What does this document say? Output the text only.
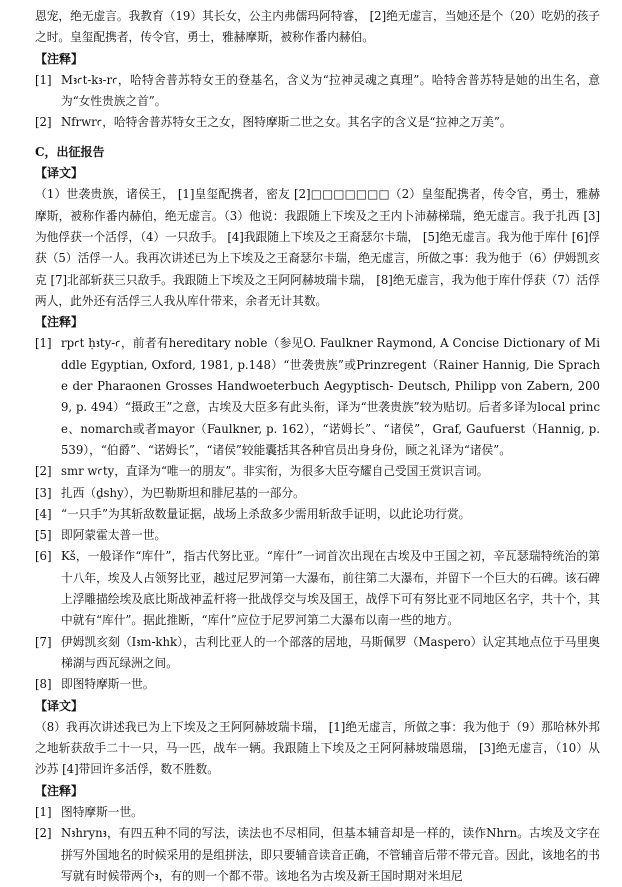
恩宠，绝无虚言。我教育（19）其长女，公主内弗儒玛阿特睿， [2]绝无虚言，当她还是个（20）吃奶的孩子之时。皇玺配携者，传令官，勇士，雅赫摩斯，被称作番内赫伯。

【注释】

[1] Mꜣꜥt-kꜣ-rꜥ，哈特舍普苏特女王的登基名，含义为“拉神灵魂之真理”。哈特舍普苏特是她的出生名，意为“女性贵族之首”。

[2] Nfrwrꜥ，哈特舍普苏特女王之女，图特摩斯二世之女。其名字的含义是“拉神之万美”。

C，出征报告

【译文】

（1）世袭贵族，诸侯王， [1]皇玺配携者，密友 [2]□□□□□□□（2）皇玺配携者，传令官，勇士，雅赫摩斯，被称作番内赫伯，绝无虚言。（3）他说：我跟随上下埃及之王内卜沛赫梯瑞，绝无虚言。我于扎西 [3]为他俘获一个活俘，（4）一只敌手。 [4]我跟随上下埃及之王裔瑟尔卡瑞， [5]绝无虚言。我为他于库什 [6]俘获（5）活俘一人。我再次讲述已为上下埃及之王裔瑟尔卡瑞，绝无虚言，所做之事：我为他于（6）伊姆凯亥克 [7]北部斩获三只敌手。我跟随上下埃及之王阿阿赫坡瑞卡瑞， [8]绝无虚言，我为他于库什俘获（7）活俘两人，此外还有活俘三人我从库什带来，余者无计其数。

【注释】

[1] rpꜥt ḥꜣty-ꜥ，前者有hereditary noble（参见O. Faulkner Raymond, A Concise Dictionary of Middle Egyptian, Oxford, 1981, p.148）“世袭贵族”或Prinzregent（Rainer Hannig, Die Sprache der Pharaonen Grosses Handwoeterbuch Aegyptisch- Deutsch, Philipp von Zabern, 2009, p. 494）“摄政王”之意，古埃及大臣多有此头衔，译为“世袭贵族”较为贴切。后者多译为local prince、nomarch或者mayor（Faulkner, p. 162），“诺姆长”、“诸侯”，Graf, Gaufuerst（Hannig, p. 539），“伯爵”、“诺姆长”，“诸侯”较能囊括其各种官员出身身份，顾之礼译为“诸侯”。

[2] smr wꜥty，直译为“唯一的朋友”。非实衔，为很多大臣夸耀自己受国王赏识言词。

[3] 扎西（ḏshy），为巴勒斯坦和腓尼基的一部分。

[4] “一只手”为其斩敌数量证据，战场上杀敌多少需用斩敌手证明，以此论功行赏。

[5] 即阿蒙霍太普一世。

[6] Kš，一般译作“库什”，指古代努比亚。“库什”一词首次出现在古埃及中王国之初，辛瓦瑟瑞特统治的第十八年，埃及人占领努比亚，越过尼罗河第一大瀑布，前往第二大瀑布，并留下一个巨大的石碑。该石碑上浮雕描绘埃及底比斯战神孟杆将一批战俘交与埃及国王，战俘下可有努比亚不同地区名字，共十个，其中就有“库什”。据此推断，“库什”应位于尼罗河第二大瀑布以南一些的地方。

[7] 伊姆凯亥刻（Iꜣm-khk），古利比亚人的一个部落的居地，马斯佩罗（Maspero）认定其地点位于马里奥梯湖与西瓦绿洲之间。

[8] 即图特摩斯一世。

【译文】

（8）我再次讲述我已为上下埃及之王阿阿赫坡瑞卡瑞， [1]绝无虚言，所做之事：我为他于（9）那哈林外邦之地斩获敌手二十一只，马一匹，战车一辆。我跟随上下埃及之王阿阿赫坡瑞恩瑞， [3]绝无虚言，（10）从沙苏 [4]带回许多活俘，数不胜数。

【注释】

[1] 图特摩斯一世。

[2] Nꜣhrynꜣ，有四五种不同的写法，读法也不尽相同，但基本辅音却是一样的，读作Nhrn。古埃及文字在拼写外国地名的时候采用的是组拼法，即只要辅音读音正确，不管辅音后带不带元音。因此，该地名的书写就有时候带两个ꜣ，有的则一个都不带。该地名为古埃及新王国时期对米坦尼
